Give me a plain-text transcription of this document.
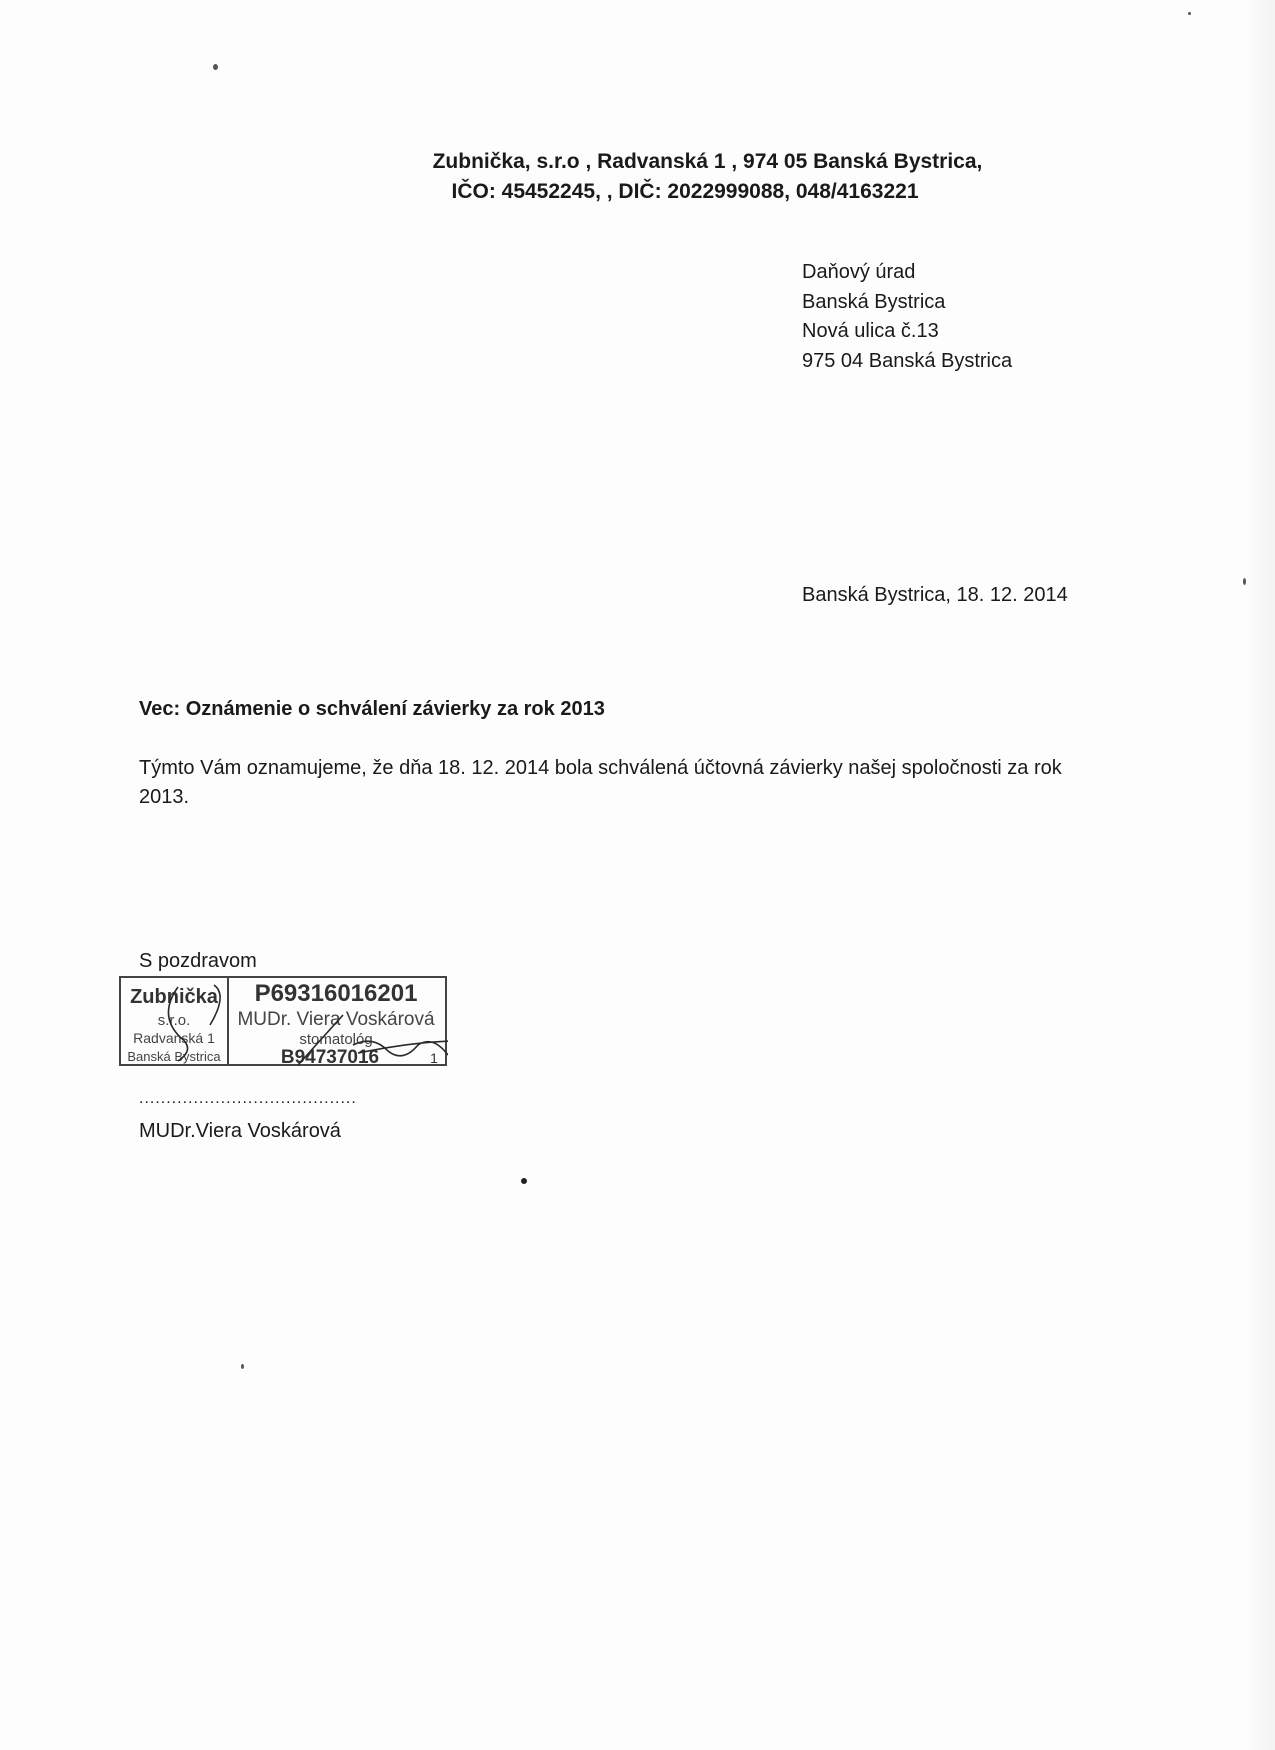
Zubnička, s.r.o , Radvanská 1 , 974 05 Banská Bystrica,
IČO: 45452245, , DIČ: 2022999088, 048/4163221
Daňový úrad
Banská Bystrica
Nová ulica č.13
975 04 Banská Bystrica
Banská Bystrica, 18. 12. 2014
Vec: Oznámenie o schválení závierky za rok 2013
Týmto Vám oznamujeme, že dňa 18. 12. 2014 bola schválená účtovná závierky našej spoločnosti za rok 2013.
S pozdravom
Zubnička
s.r.o.
Radvanská 1
Banská Bystrica
P69316016201
MUDr. Viera Voskárová
stomatológ
B94737016	1
........................................
MUDr.Viera Voskárová
